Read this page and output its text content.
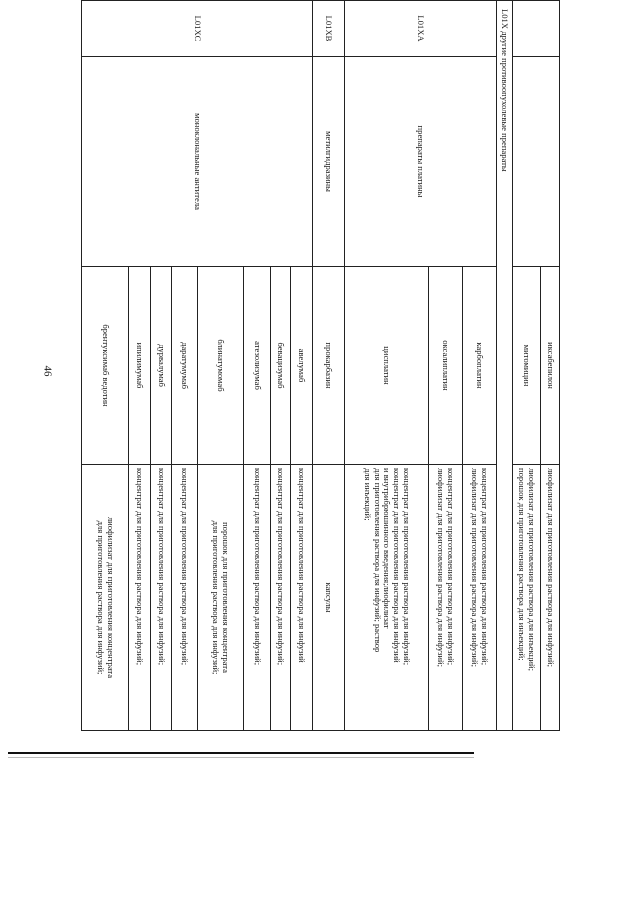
46
			иксабепилон	лиофилизат для приготовления раствора для инфузий;

		митомицин	лиофилизат для приготовления раствора для инъекций;
порошок для приготовления раствора для инъекций;

L01X другие противоопухолевые препараты			
L01XA	препараты платины	карбоплатин	концентрат для приготовления раствора для инфузий;
лиофилизат для приготовления раствора для инфузий;

		оксалиплатин	концентрат для приготовления раствора для инфузий;
лиофилизат для приготовления раствора для инфузий;

		цисплатин	концентрат для приготовления раствора для инфузий;
концентрат для приготовления раствора для инфузий
и внутрибрюшинного введения;лиофилизат
для приготовления раствора для инфузий; раствор
для инъекций;

L01XB	метилгидразины	прокарбазин	капсулы

L01XC	моноклональные антитела	авелумаб	концентрат для приготовления раствора для инфузий

		бевацизумаб	концентрат для приготовления раствора для инфузий;

		атезолизумаб	концентрат для приготовления раствора для инфузий;

		блинатумомаб	порошок для приготовления концентрата
для приготовления раствора для инфузий;

		даратумумаб	концентрат для приготовления раствора для инфузий;

		дурвалумаб	концентрат для приготовления раствора для инфузий;

		ипилимумаб	концентрат для приготовления раствора для инфузий;

		брентуксимаб ведотин	лиофилизат для приготовления концентрата
для приготовления раствора для инфузий;
